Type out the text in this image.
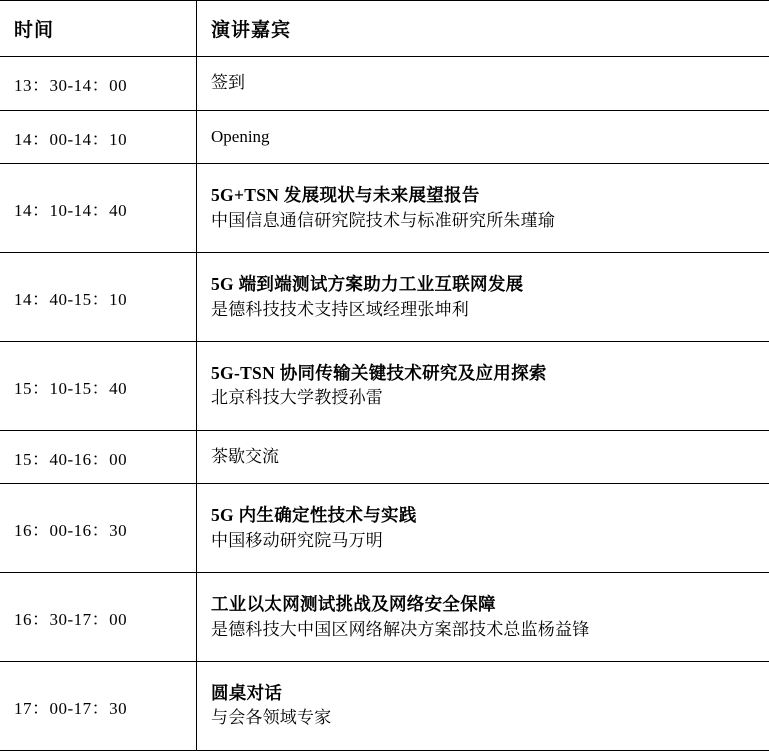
时间	演讲嘉宾
13：30-14：00	签到

14：00-14：10	Opening

14：10-14：40	5G+TSN 发展现状与未来展望报告
中国信息通信研究院技术与标准研究所朱瑾瑜

14：40-15：10	5G 端到端测试方案助力工业互联网发展
是德科技技术支持区域经理张坤利

15：10-15：40	5G-TSN 协同传输关键技术研究及应用探索
北京科技大学教授孙雷

15：40-16：00	茶歇交流

16：00-16：30	5G 内生确定性技术与实践
中国移动研究院马万明

16：30-17：00	工业以太网测试挑战及网络安全保障
是德科技大中国区网络解决方案部技术总监杨益锋

17：00-17：30	圆桌对话
与会各领域专家
